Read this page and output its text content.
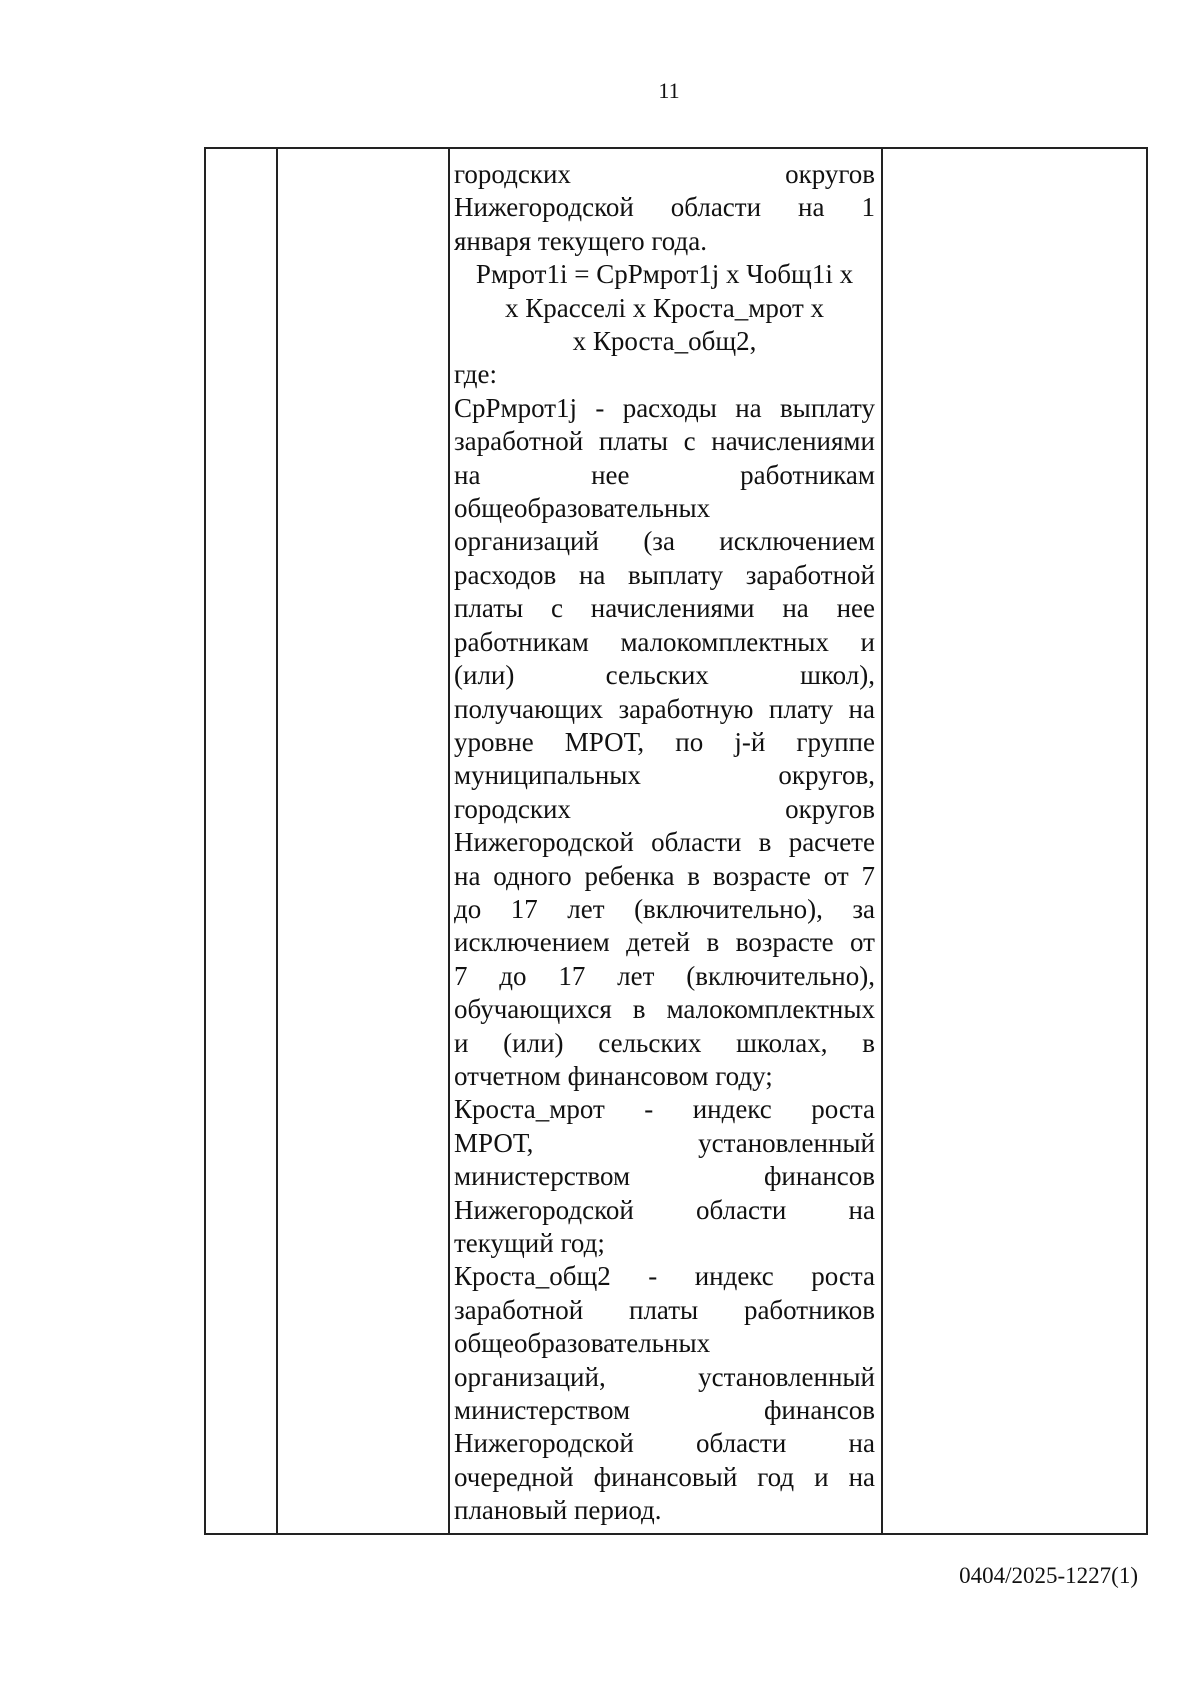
11
городских	округов
Нижегородской области на 1
января текущего года.
Рмрот1i = СрРмрот1j х Чобщ1i х
х Красселi х Кроста_мрот х
х Кроста_общ2,
где:
СрРмрот1j - расходы на выплату
заработной платы с начислениями
на	нее	работникам
общеобразовательных
организаций (за исключением
расходов на выплату заработной
платы с начислениями на нее
работникам малокомплектных и
(или)	сельских	школ),
получающих заработную плату на
уровне МРОТ, по j-й группе
муниципальных	округов,
городских	округов
Нижегородской области в расчете
на одного ребенка в возрасте от 7
до 17 лет (включительно), за
исключением детей в возрасте от
7 до 17 лет (включительно),
обучающихся в малокомплектных
и (или) сельских школах, в
отчетном финансовом году;
Кроста_мрот - индекс роста
МРОТ,	установленный
министерством	финансов
Нижегородской области на
текущий год;
Кроста_общ2 - индекс роста
заработной платы работников
общеобразовательных
организаций,	установленный
министерством	финансов
Нижегородской области на
очередной финансовый год и на
плановый период.
0404/2025-1227(1)
